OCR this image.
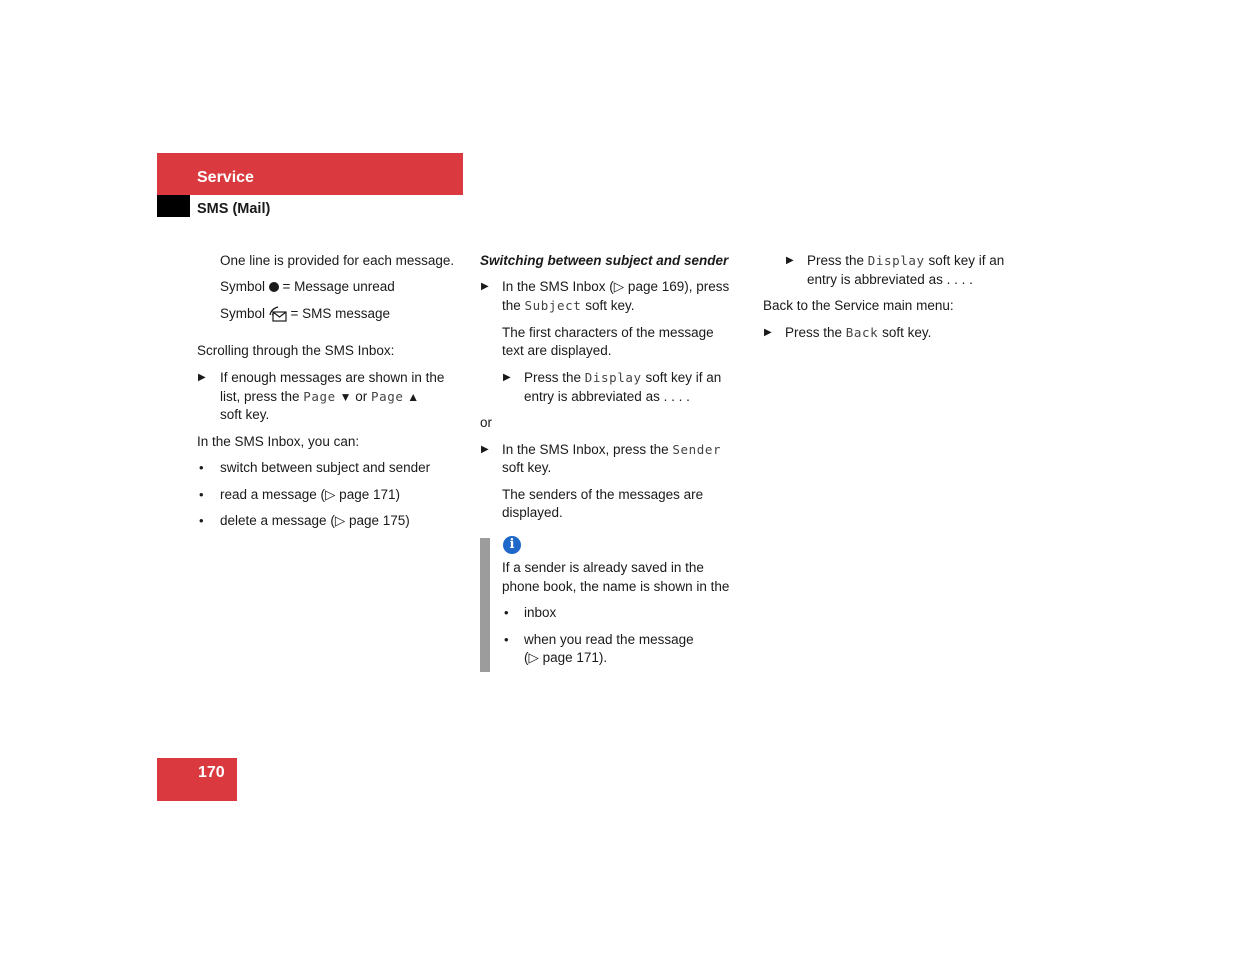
Service
SMS (Mail)
One line is provided for each message.
Symbol = Message unread
Symbol = SMS message
Scrolling through the SMS Inbox:
▶ If enough messages are shown in the
list, press the Page ▼ or Page ▲
soft key.
In the SMS Inbox, you can:
• switch between subject and sender
• read a message (▷ page 171)
• delete a message (▷ page 175)
Switching between subject and sender
▶ In the SMS Inbox (▷ page 169), press
the Subject soft key.
The first characters of the message
text are displayed.
▶ Press the Display soft key if an
entry is abbreviated as . . . .
or
▶ In the SMS Inbox, press the Sender
soft key.
The senders of the messages are
displayed.
i
If a sender is already saved in the
phone book, the name is shown in the
• inbox
• when you read the message
(▷ page 171).
▶ Press the Display soft key if an
entry is abbreviated as . . . .
Back to the Service main menu:
▶ Press the Back soft key.
170
